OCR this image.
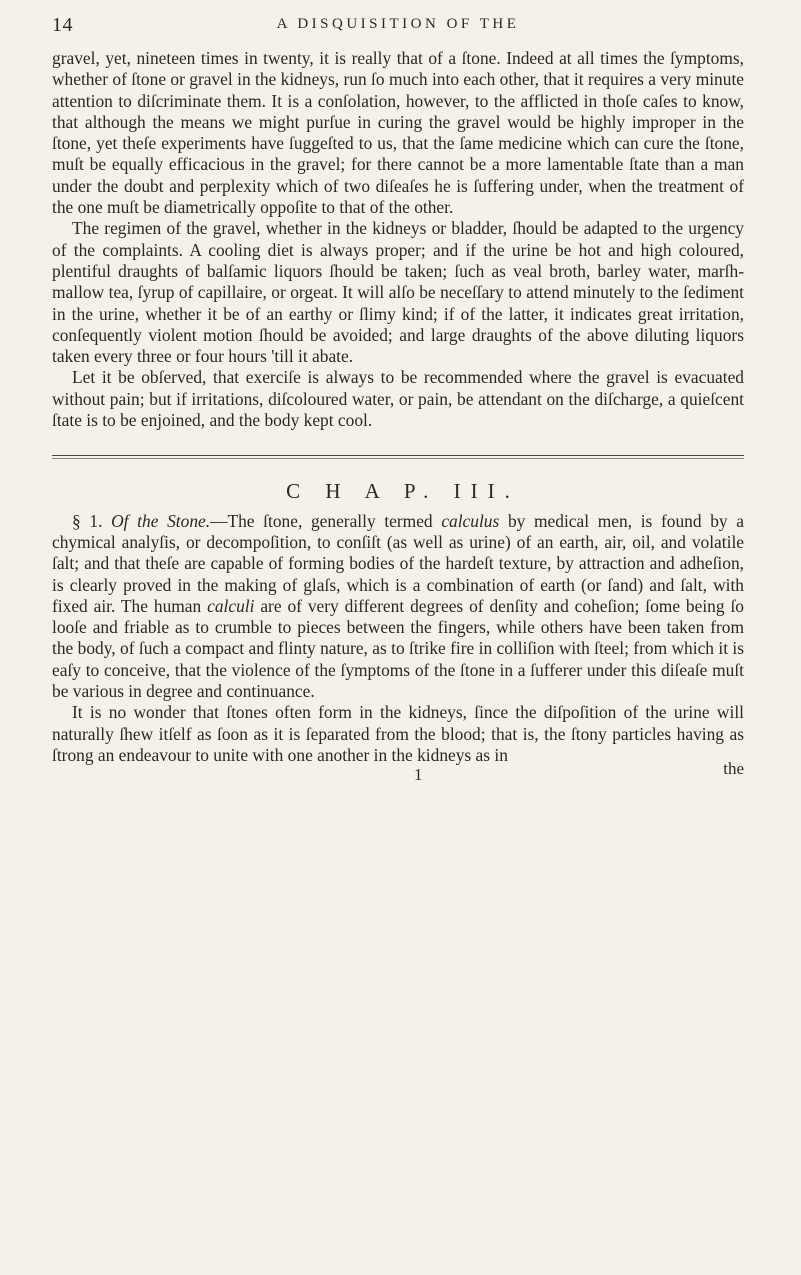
14	A DISQUISITION OF THE

gravel, yet, nineteen times in twenty, it is really that of a ſtone. Indeed at all times the ſymptoms, whether of ſtone or gravel in the kidneys, run ſo much into each other, that it requires a very minute attention to diſcriminate them. It is a conſolation, however, to the afflicted in thoſe caſes to know, that although the means we might purſue in curing the gravel would be highly improper in the ſtone, yet theſe experiments have ſuggeſted to us, that the ſame medicine which can cure the ſtone, muſt be equally efficacious in the gravel; for there cannot be a more lamentable ſtate than a man under the doubt and perplexity which of two diſeaſes he is ſuffering under, when the treatment of the one muſt be diametrically oppoſite to that of the other.

The regimen of the gravel, whether in the kidneys or bladder, ſhould be adapted to the urgency of the complaints. A cooling diet is always proper; and if the urine be hot and high coloured, plentiful draughts of balſamic liquors ſhould be taken; ſuch as veal broth, barley water, marſh-mallow tea, ſyrup of capillaire, or orgeat. It will alſo be neceſſary to attend minutely to the ſediment in the urine, whether it be of an earthy or ſlimy kind; if of the latter, it indicates great irritation, conſequently violent motion ſhould be avoided; and large draughts of the above diluting liquors taken every three or four hours 'till it abate.

Let it be obſerved, that exerciſe is always to be recommended where the gravel is evacuated without pain; but if irritations, diſcoloured water, or pain, be attendant on the diſcharge, a quieſcent ſtate is to be enjoined, and the body kept cool.

C H A P. III.

§ 1. Of the Stone.—The ſtone, generally termed calculus by medical men, is found by a chymical analyſis, or decompoſition, to conſiſt (as well as urine) of an earth, air, oil, and volatile ſalt; and that theſe are capable of forming bodies of the hardeſt texture, by attraction and adheſion, is clearly proved in the making of glaſs, which is a combination of earth (or ſand) and ſalt, with fixed air. The human calculi are of very different degrees of denſity and coheſion; ſome being ſo looſe and friable as to crumble to pieces between the fingers, while others have been taken from the body, of ſuch a compact and flinty nature, as to ſtrike fire in colliſion with ſteel; from which it is eaſy to conceive, that the violence of the ſymptoms of the ſtone in a ſufferer under this diſeaſe muſt be various in degree and continuance.

It is no wonder that ſtones often form in the kidneys, ſince the diſpoſition of the urine will naturally ſhew itſelf as ſoon as it is ſeparated from the blood; that is, the ſtony particles having as ſtrong an endeavour to unite with one another in the kidneys as in

1	the
